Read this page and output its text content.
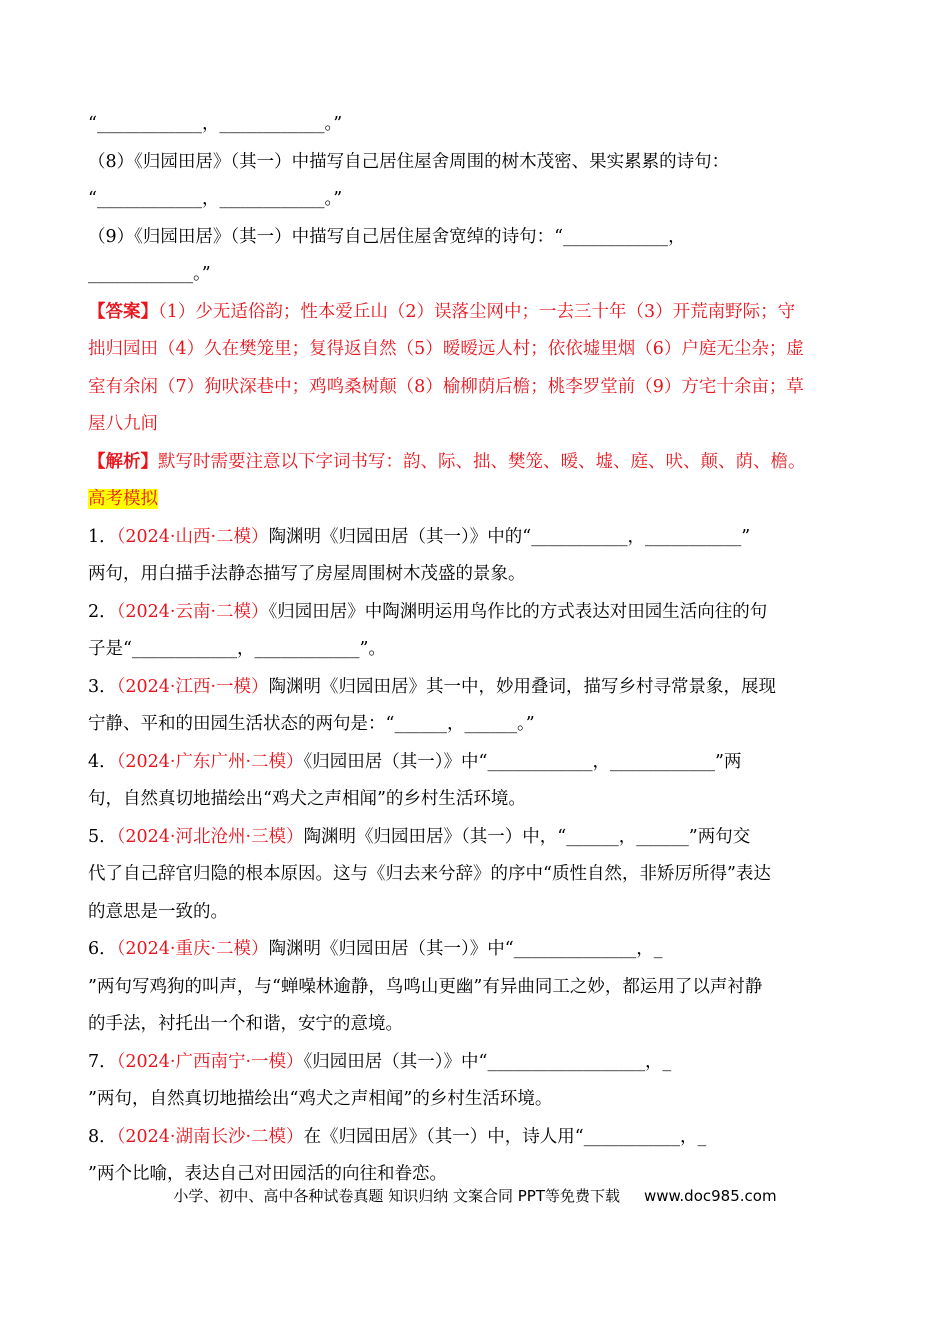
“____________，____________。”
（8）《归园田居》（其一）中描写自己居住屋舍周围的树木茂密、果实累累的诗句：
“____________，____________。”
（9）《归园田居》（其一）中描写自己居住屋舍宽绰的诗句：“____________，
____________。”
【答案】（1）少无适俗韵；性本爱丘山（2）误落尘网中；一去三十年（3）开荒南野际；守
拙归园田（4）久在樊笼里；复得返自然（5）暧暧远人村；依依墟里烟（6）户庭无尘杂；虚
室有余闲（7）狗吠深巷中；鸡鸣桑树颠（8）榆柳荫后檐；桃李罗堂前（9）方宅十余亩；草
屋八九间
【解析】默写时需要注意以下字词书写：韵、际、拙、樊笼、暧、墟、庭、吠、颠、荫、檐。
高考模拟
1．（2024·山西·二模）陶渊明《归园田居（其一）》中的“___________，___________”
两句，用白描手法静态描写了房屋周围树木茂盛的景象。
2．（2024·云南·二模）《归园田居》中陶渊明运用鸟作比的方式表达对田园生活向往的句
子是“____________，____________”。
3．（2024·江西·一模）陶渊明《归园田居》其一中，妙用叠词，描写乡村寻常景象，展现
宁静、平和的田园生活状态的两句是：“______，______。”
4．（2024·广东广州·二模）《归园田居（其一）》中“____________，____________”两
句，自然真切地描绘出“鸡犬之声相闻”的乡村生活环境。
5．（2024·河北沧州·三模）陶渊明《归园田居》（其一）中，“______，______”两句交
代了自己辞官归隐的根本原因。这与《归去来兮辞》的序中“质性自然，非矫厉所得”表达
的意思是一致的。
6．（2024·重庆·二模）陶渊明《归园田居（其一）》中“______________，_
”两句写鸡狗的叫声，与“蝉噪林逾静，鸟鸣山更幽”有异曲同工之妙，都运用了以声衬静
的手法，衬托出一个和谐，安宁的意境。
7．（2024·广西南宁·一模）《归园田居（其一）》中“__________________，_
”两句，自然真切地描绘出“鸡犬之声相闻”的乡村生活环境。
8．（2024·湖南长沙·二模）在《归园田居》（其一）中，诗人用“___________，_
”两个比喻，表达自己对田园活的向往和眷恋。
小学、初中、高中各种试卷真题 知识归纳 文案合同 PPT等免费下载 www.doc985.com
